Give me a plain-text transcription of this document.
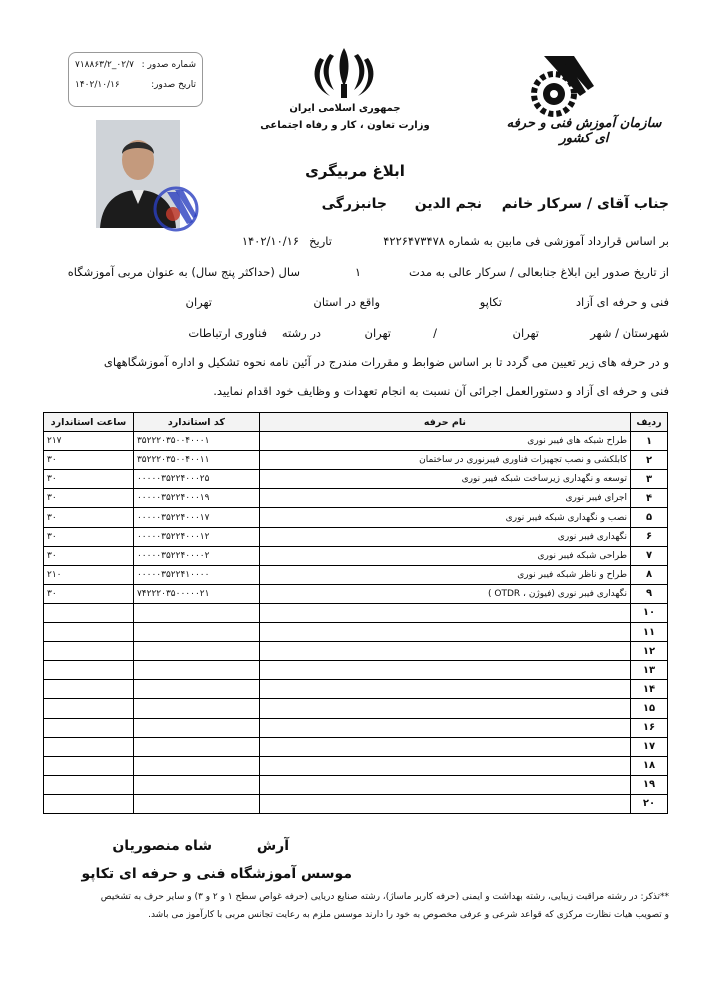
شماره صدور :
۰۲/۷_۷۱۸۸۶۳/۲
تاریخ صدور:
۱۴۰۲/۱۰/۱۶
جمهوری اسلامی ایران
وزارت تعاون ، کار و رفاه اجتماعی	سازمان آموزش فنی و حرفه ای کشور
ابلاغ مربیگری
جناب آقای / سرکار خانم
نجم الدین
جانبزرگی
بر اساس قرارداد آموزشی فی مابین به شماره
۴۲۲۶۴۷۳۴۷۸
تاریخ
۱۴۰۲/۱۰/۱۶
از تاریخ صدور این ابلاغ جنابعالی / سرکار عالی به مدت
۱
سال (حداکثر پنج سال) به عنوان مربی آموزشگاه
فنی و حرفه ای آزاد
تکاپو
واقع در استان
تهران
شهرستان / شهر
تهران
/
تهران
در رشته
فناوری ارتباطات
و در حرفه های زیر تعیین می گردد تا بر اساس ضوابط و مقررات مندرج در آئین نامه نحوه تشکیل و اداره آموزشگاههای
فنی و حرفه ای آزاد و دستورالعمل اجرائی آن نسبت به انجام تعهدات و وظایف خود اقدام نمایید.
ردیف	نام حرفه	کد استاندارد	ساعت استاندارد
۱	طراح شبکه های فیبر نوری	۳۵۲۲۲۰۳۵۰۰۴۰۰۰۱	۲۱۷
۲	کابلکشی و نصب تجهیزات فناوری فیبرنوری در ساختمان	۳۵۲۲۲۰۳۵۰۰۴۰۰۱۱	۳۰
۳	توسعه و نگهداری زیرساخت شبکه فیبر نوری	۰۰۰۰۰۳۵۲۲۴۰۰۰۲۵	۳۰
۴	اجرای فیبر نوری	۰۰۰۰۰۳۵۲۲۴۰۰۰۱۹	۳۰
۵	نصب و نگهداری شبکه فیبر نوری	۰۰۰۰۰۳۵۲۲۴۰۰۰۱۷	۳۰
۶	نگهداری فیبر نوری	۰۰۰۰۰۳۵۲۲۴۰۰۰۱۲	۳۰
۷	طراحی شبکه فیبر نوری	۰۰۰۰۰۳۵۲۲۴۰۰۰۰۲	۳۰
۸	طراح و ناظر شبکه فیبر نوری	۰۰۰۰۰۳۵۲۲۴۱۰۰۰۰	۲۱۰
۹	نگهداری فیبر نوری (فیوژن ، OTDR )	۷۴۲۲۲۰۳۵۰۰۰۰۰۲۱	۳۰
۱۰			
۱۱			
۱۲			
۱۳			
۱۴			
۱۵			
۱۶			
۱۷			
۱۸			
۱۹			
۲۰			
آرش
شاه منصوریان
موسس آموزشگاه فنی و حرفه ای تکاپو
**تذکر: در رشته مراقبت زیبایی، رشته بهداشت و ایمنی (حرفه کاربر ماساژ)، رشته صنایع دریایی (حرفه غواص سطح ۱ و ۲ و ۳) و سایر حرف به تشخیص
و تصویب هیات نظارت مرکزی که قواعد شرعی و عرفی مخصوص به خود را دارند موسس ملزم به رعایت تجانس مربی با کارآموز می باشد.
